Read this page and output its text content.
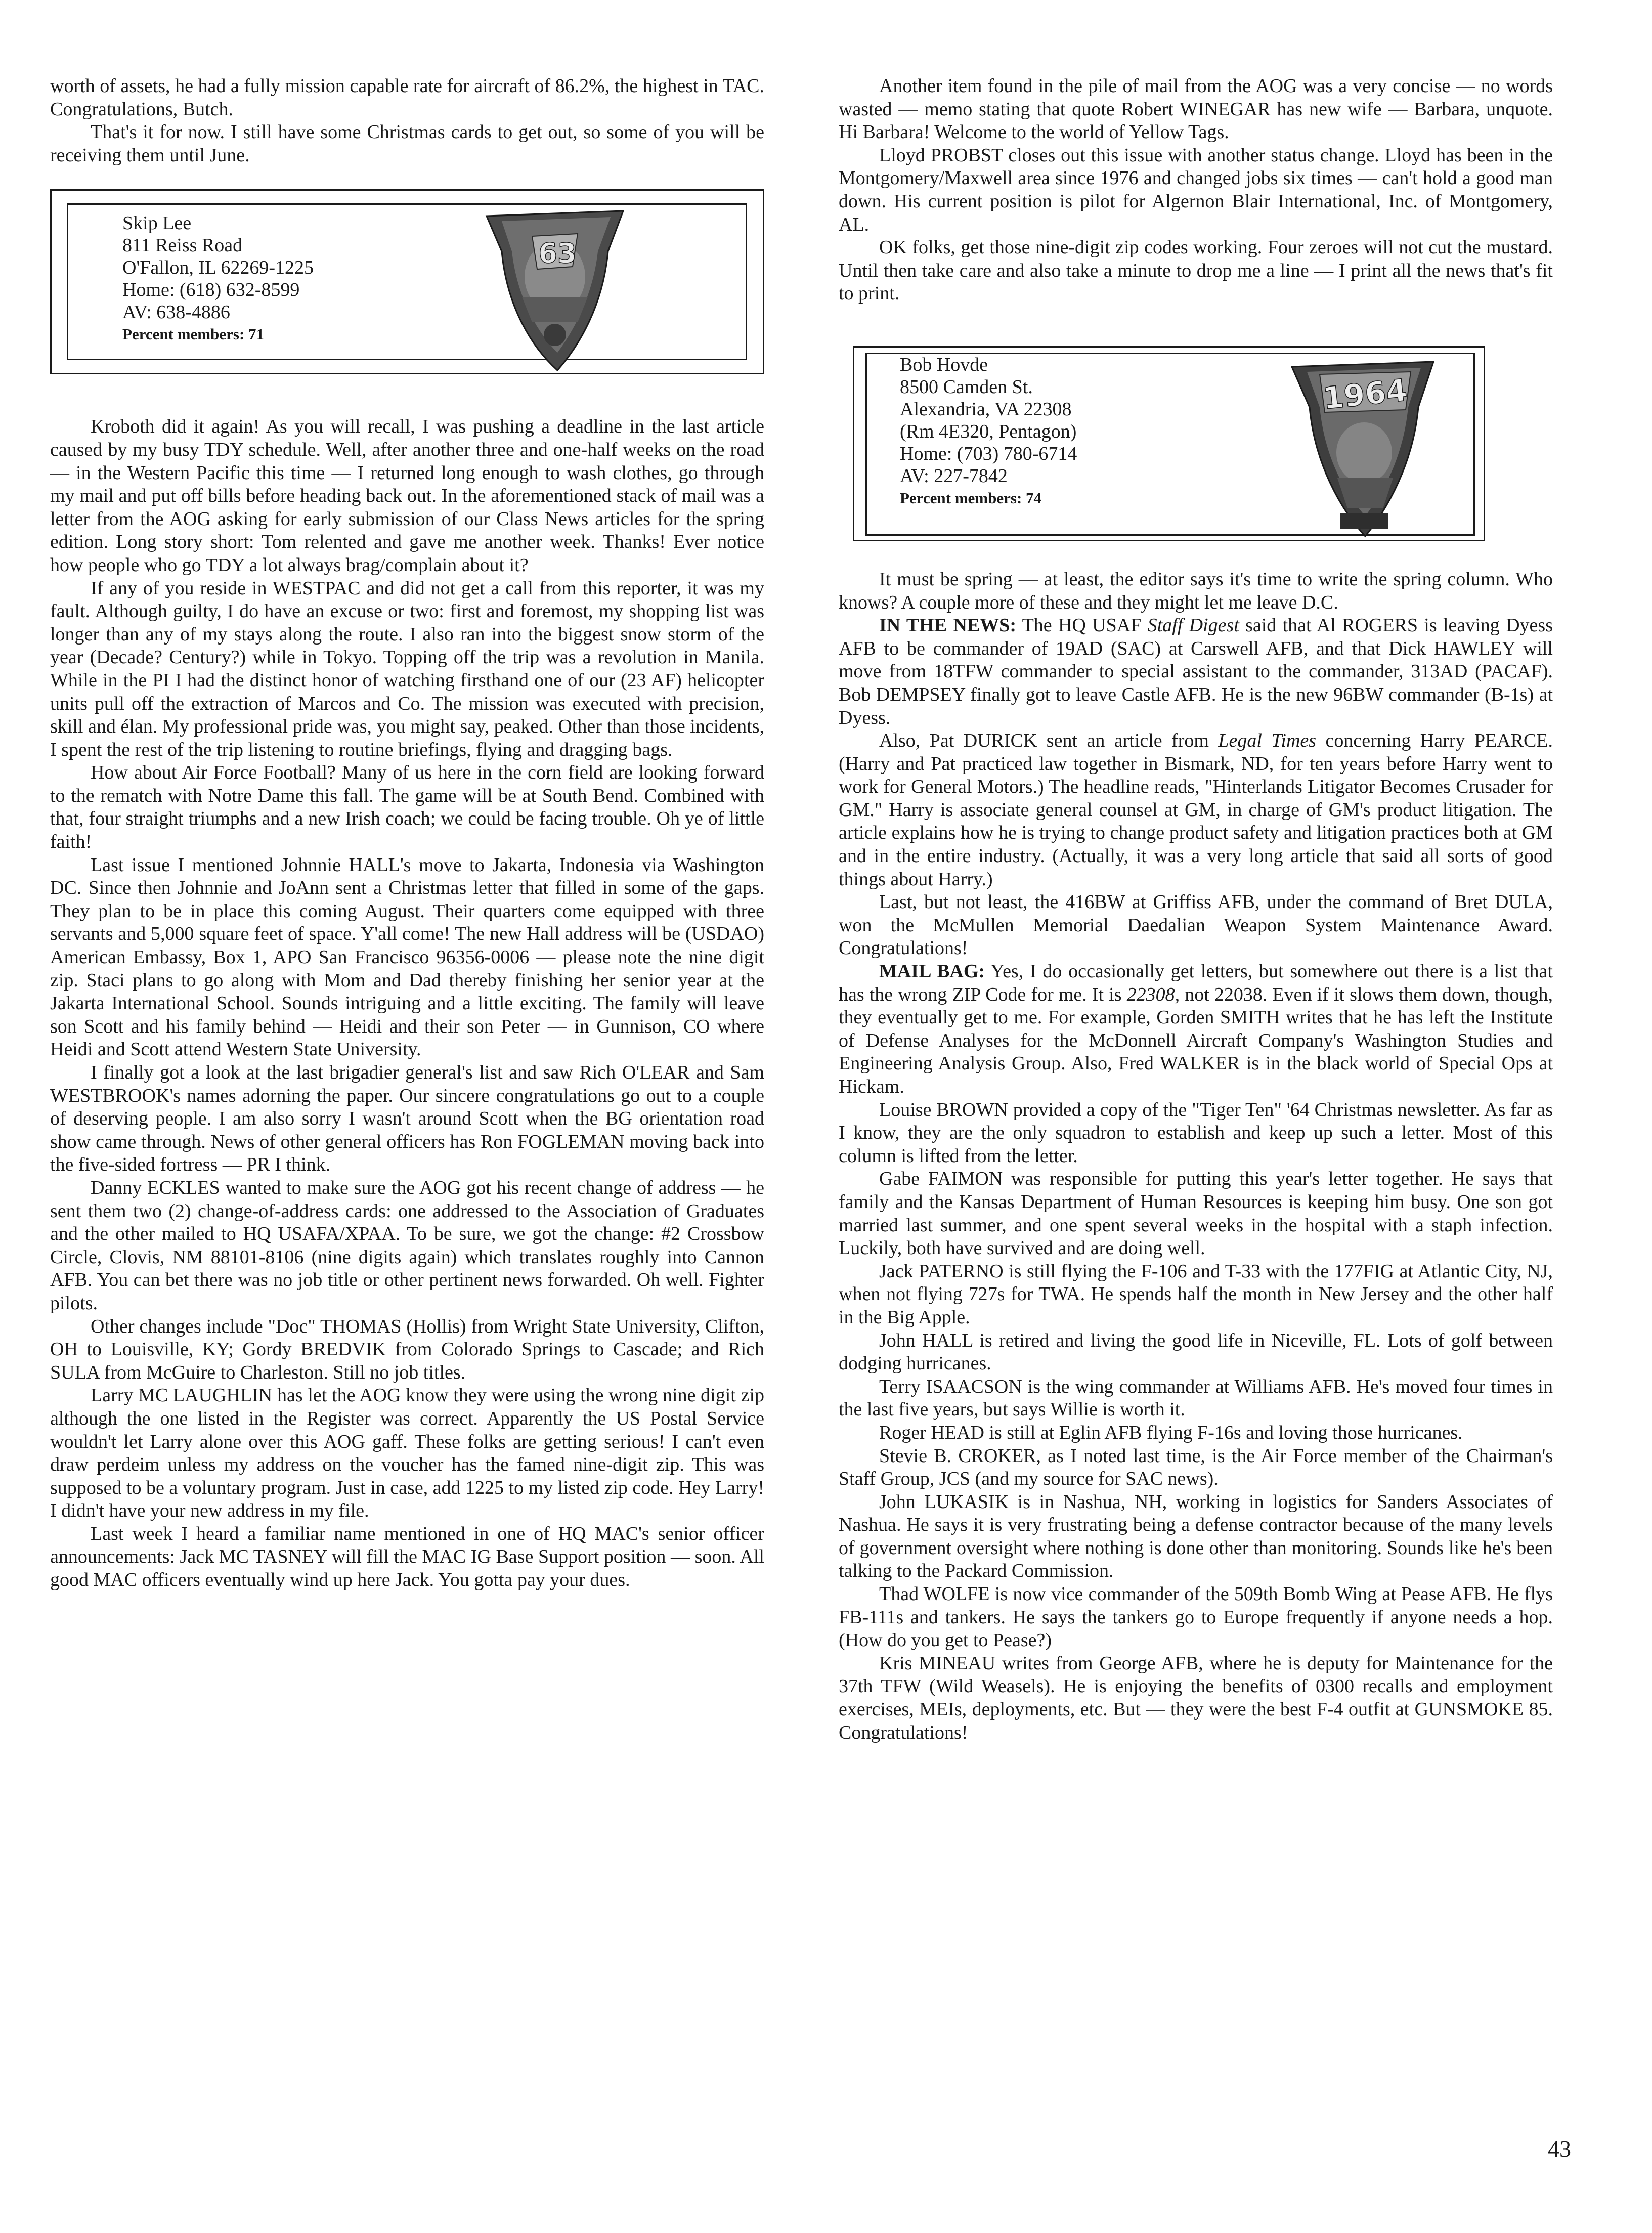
worth of assets, he had a fully mission capable rate for aircraft of 86.2%, the highest in TAC. Congratulations, Butch.

That's it for now. I still have some Christmas cards to get out, so some of you will be receiving them until June.

Skip Lee
811 Reiss Road
O'Fallon, IL 62269-1225
Home: (618) 632-8599
AV: 638-4886
Percent members: 71
63

Kroboth did it again! As you will recall, I was pushing a deadline in the last article caused by my busy TDY schedule. Well, after another three and one-half weeks on the road — in the Western Pacific this time — I returned long enough to wash clothes, go through my mail and put off bills before heading back out. In the aforementioned stack of mail was a letter from the AOG asking for early submission of our Class News articles for the spring edition. Long story short: Tom relented and gave me another week. Thanks! Ever notice how people who go TDY a lot always brag/complain about it?

If any of you reside in WESTPAC and did not get a call from this reporter, it was my fault. Although guilty, I do have an excuse or two: first and foremost, my shopping list was longer than any of my stays along the route. I also ran into the biggest snow storm of the year (Decade? Century?) while in Tokyo. Topping off the trip was a revolution in Manila. While in the PI I had the distinct honor of watching firsthand one of our (23 AF) helicopter units pull off the extraction of Marcos and Co. The mission was executed with precision, skill and élan. My professional pride was, you might say, peaked. Other than those incidents, I spent the rest of the trip listening to routine briefings, flying and dragging bags.

How about Air Force Football? Many of us here in the corn field are looking forward to the rematch with Notre Dame this fall. The game will be at South Bend. Combined with that, four straight triumphs and a new Irish coach; we could be facing trouble. Oh ye of little faith!

Last issue I mentioned Johnnie HALL's move to Jakarta, Indonesia via Washington DC. Since then Johnnie and JoAnn sent a Christmas letter that filled in some of the gaps. They plan to be in place this coming August. Their quarters come equipped with three servants and 5,000 square feet of space. Y'all come! The new Hall address will be (USDAO) American Embassy, Box 1, APO San Francisco 96356-0006 — please note the nine digit zip. Staci plans to go along with Mom and Dad thereby finishing her senior year at the Jakarta International School. Sounds intriguing and a little exciting. The family will leave son Scott and his family behind — Heidi and their son Peter — in Gunnison, CO where Heidi and Scott attend Western State University.

I finally got a look at the last brigadier general's list and saw Rich O'LEAR and Sam WESTBROOK's names adorning the paper. Our sincere congratulations go out to a couple of deserving people. I am also sorry I wasn't around Scott when the BG orientation road show came through. News of other general officers has Ron FOGLEMAN moving back into the five-sided fortress — PR I think.

Danny ECKLES wanted to make sure the AOG got his recent change of address — he sent them two (2) change-of-address cards: one addressed to the Association of Graduates and the other mailed to HQ USAFA/XPAA. To be sure, we got the change: #2 Crossbow Circle, Clovis, NM 88101-8106 (nine digits again) which translates roughly into Cannon AFB. You can bet there was no job title or other pertinent news forwarded. Oh well. Fighter pilots.

Other changes include "Doc" THOMAS (Hollis) from Wright State University, Clifton, OH to Louisville, KY; Gordy BREDVIK from Colorado Springs to Cascade; and Rich SULA from McGuire to Charleston. Still no job titles.

Larry MC LAUGHLIN has let the AOG know they were using the wrong nine digit zip although the one listed in the Register was correct. Apparently the US Postal Service wouldn't let Larry alone over this AOG gaff. These folks are getting serious! I can't even draw perdeim unless my address on the voucher has the famed nine-digit zip. This was supposed to be a voluntary program. Just in case, add 1225 to my listed zip code. Hey Larry! I didn't have your new address in my file.

Last week I heard a familiar name mentioned in one of HQ MAC's senior officer announcements: Jack MC TASNEY will fill the MAC IG Base Support position — soon. All good MAC officers eventually wind up here Jack. You gotta pay your dues.

Another item found in the pile of mail from the AOG was a very concise — no words wasted — memo stating that quote Robert WINEGAR has new wife — Barbara, unquote. Hi Barbara! Welcome to the world of Yellow Tags.

Lloyd PROBST closes out this issue with another status change. Lloyd has been in the Montgomery/Maxwell area since 1976 and changed jobs six times — can't hold a good man down. His current position is pilot for Algernon Blair International, Inc. of Montgomery, AL.

OK folks, get those nine-digit zip codes working. Four zeroes will not cut the mustard. Until then take care and also take a minute to drop me a line — I print all the news that's fit to print.

Bob Hovde
8500 Camden St.
Alexandria, VA 22308
(Rm 4E320, Pentagon)
Home: (703) 780-6714
AV: 227-7842
Percent members: 74
1964

It must be spring — at least, the editor says it's time to write the spring column. Who knows? A couple more of these and they might let me leave D.C.

IN THE NEWS: The HQ USAF Staff Digest said that Al ROGERS is leaving Dyess AFB to be commander of 19AD (SAC) at Carswell AFB, and that Dick HAWLEY will move from 18TFW commander to special assistant to the commander, 313AD (PACAF). Bob DEMPSEY finally got to leave Castle AFB. He is the new 96BW commander (B-1s) at Dyess.

Also, Pat DURICK sent an article from Legal Times concerning Harry PEARCE. (Harry and Pat practiced law together in Bismark, ND, for ten years before Harry went to work for General Motors.) The headline reads, "Hinterlands Litigator Becomes Crusader for GM." Harry is associate general counsel at GM, in charge of GM's product litigation. The article explains how he is trying to change product safety and litigation practices both at GM and in the entire industry. (Actually, it was a very long article that said all sorts of good things about Harry.)

Last, but not least, the 416BW at Griffiss AFB, under the command of Bret DULA, won the McMullen Memorial Daedalian Weapon System Maintenance Award. Congratulations!

MAIL BAG: Yes, I do occasionally get letters, but somewhere out there is a list that has the wrong ZIP Code for me. It is 22308, not 22038. Even if it slows them down, though, they eventually get to me. For example, Gorden SMITH writes that he has left the Institute of Defense Analyses for the McDonnell Aircraft Company's Washington Studies and Engineering Analysis Group. Also, Fred WALKER is in the black world of Special Ops at Hickam.

Louise BROWN provided a copy of the "Tiger Ten" '64 Christmas newsletter. As far as I know, they are the only squadron to establish and keep up such a letter. Most of this column is lifted from the letter.

Gabe FAIMON was responsible for putting this year's letter together. He says that family and the Kansas Department of Human Resources is keeping him busy. One son got married last summer, and one spent several weeks in the hospital with a staph infection. Luckily, both have survived and are doing well.

Jack PATERNO is still flying the F-106 and T-33 with the 177FIG at Atlantic City, NJ, when not flying 727s for TWA. He spends half the month in New Jersey and the other half in the Big Apple.

John HALL is retired and living the good life in Niceville, FL. Lots of golf between dodging hurricanes.

Terry ISAACSON is the wing commander at Williams AFB. He's moved four times in the last five years, but says Willie is worth it.

Roger HEAD is still at Eglin AFB flying F-16s and loving those hurricanes.

Stevie B. CROKER, as I noted last time, is the Air Force member of the Chairman's Staff Group, JCS (and my source for SAC news).

John LUKASIK is in Nashua, NH, working in logistics for Sanders Associates of Nashua. He says it is very frustrating being a defense contractor because of the many levels of government oversight where nothing is done other than monitoring. Sounds like he's been talking to the Packard Commission.

Thad WOLFE is now vice commander of the 509th Bomb Wing at Pease AFB. He flys FB-111s and tankers. He says the tankers go to Europe frequently if anyone needs a hop. (How do you get to Pease?)

Kris MINEAU writes from George AFB, where he is deputy for Maintenance for the 37th TFW (Wild Weasels). He is enjoying the benefits of 0300 recalls and employment exercises, MEIs, deployments, etc. But — they were the best F-4 outfit at GUNSMOKE 85. Congratulations!

43
